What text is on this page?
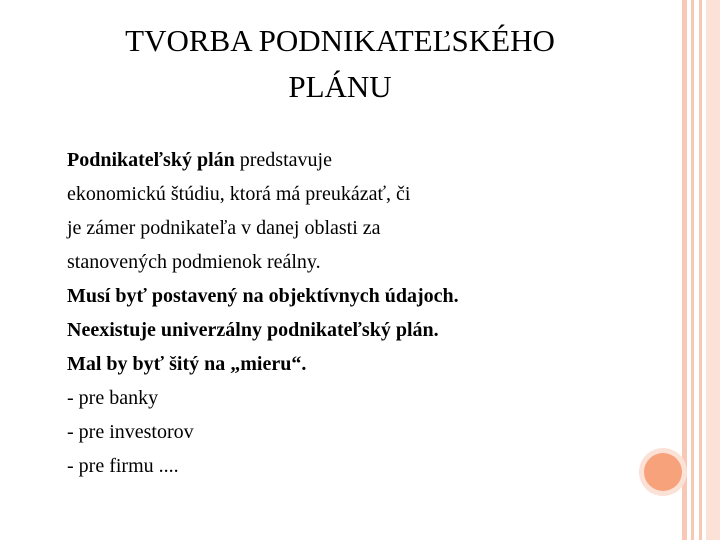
TVORBA PODNIKATEĽSKÉHO
PLÁNU
Podnikateľský plán predstavuje
ekonomickú štúdiu, ktorá má preukázať, či
je zámer podnikateľa v danej oblasti za
stanovených podmienok reálny.
Musí byť postavený na objektívnych údajoch.
Neexistuje univerzálny podnikateľský plán.
Mal by byť šitý na „mieru“.
- pre banky
- pre investorov
- pre firmu ....
